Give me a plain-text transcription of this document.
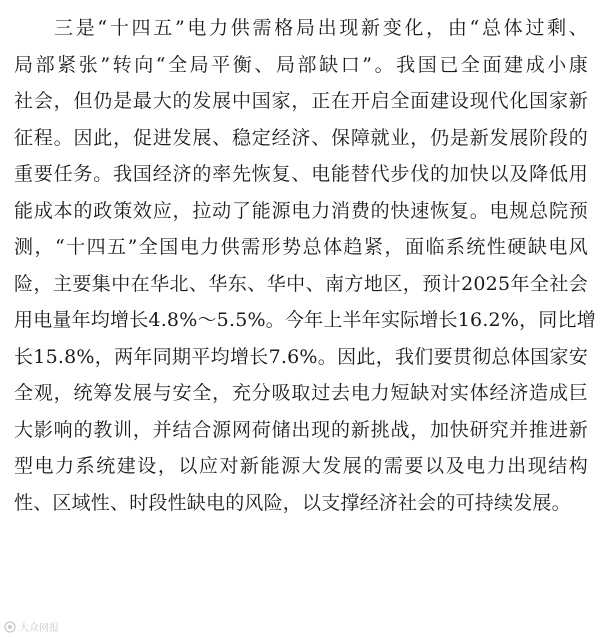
三是“十四五”电力供需格局出现新变化，由“总体过剩、
局部紧张”转向“全局平衡、局部缺口”。我国已全面建成小康
社会，但仍是最大的发展中国家，正在开启全面建设现代化国家新
征程。因此，促进发展、稳定经济、保障就业，仍是新发展阶段的
重要任务。我国经济的率先恢复、电能替代步伐的加快以及降低用
能成本的政策效应，拉动了能源电力消费的快速恢复。电规总院预
测，“十四五”全国电力供需形势总体趋紧，面临系统性硬缺电风
险，主要集中在华北、华东、华中、南方地区，预计2025年全社会
用电量年均增长4.8%～5.5%。今年上半年实际增长16.2%，同比增
长15.8%，两年同期平均增长7.6%。因此，我们要贯彻总体国家安
全观，统筹发展与安全，充分吸取过去电力短缺对实体经济造成巨
大影响的教训，并结合源网荷储出现的新挑战，加快研究并推进新
型电力系统建设，以应对新能源大发展的需要以及电力出现结构
性、区域性、时段性缺电的风险，以支撑经济社会的可持续发展。

大众网报
